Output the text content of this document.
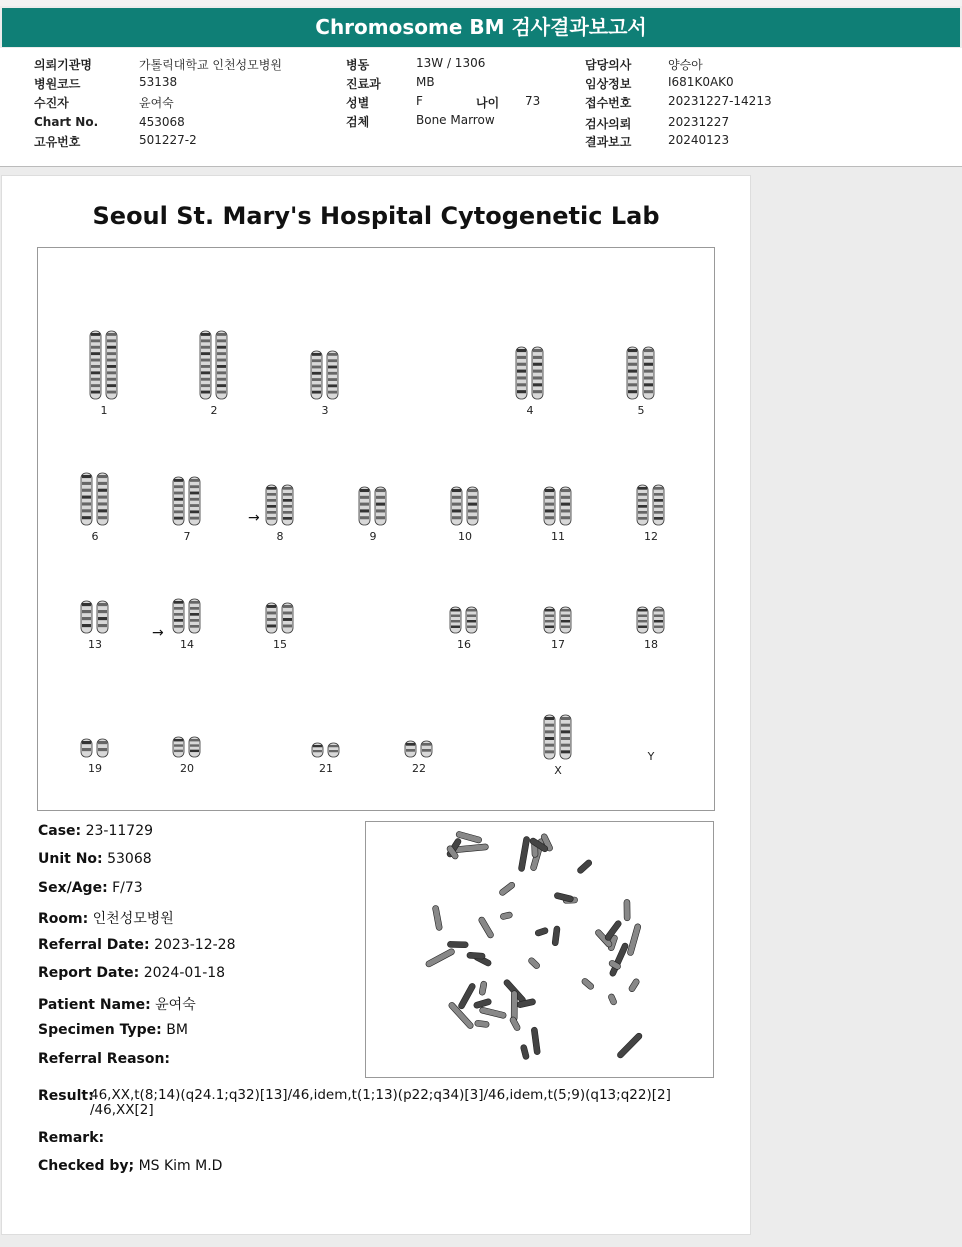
Chromosome BM 검사결과보고서
의뢰기관명	가톨릭대학교 인천성모병원
병원코드	53138
수진자	윤여숙
Chart No.	453068
고유번호	501227-2
병동	13W / 1306
진료과	MB
성별	F	나이 73
검체	Bone Marrow
담당의사	양승아
임상정보	I681K0AK0
접수번호	20231227-14213
검사의뢰	20231227
결과보고	20240123
Seoul St. Mary's Hospital Cytogenetic Lab
→
→
1	2	3	4	5
6	7	8	9	10	11	12
13	14	15	16	17	18
19	20	21	22	X
Y
Case: 23-11729
Unit No: 53068
Sex/Age: F/73
Room: 인천성모병원
Referral Date: 2023-12-28
Report Date: 2024-01-18
Patient Name: 윤여숙
Specimen Type: BM
Referral Reason:
Result:
46,XX,t(8;14)(q24.1;q32)[13]/46,idem,t(1;13)(p22;q34)[3]/46,idem,t(5;9)(q13;q22)[2]
/46,XX[2]
Remark:
Checked by; MS Kim M.D
